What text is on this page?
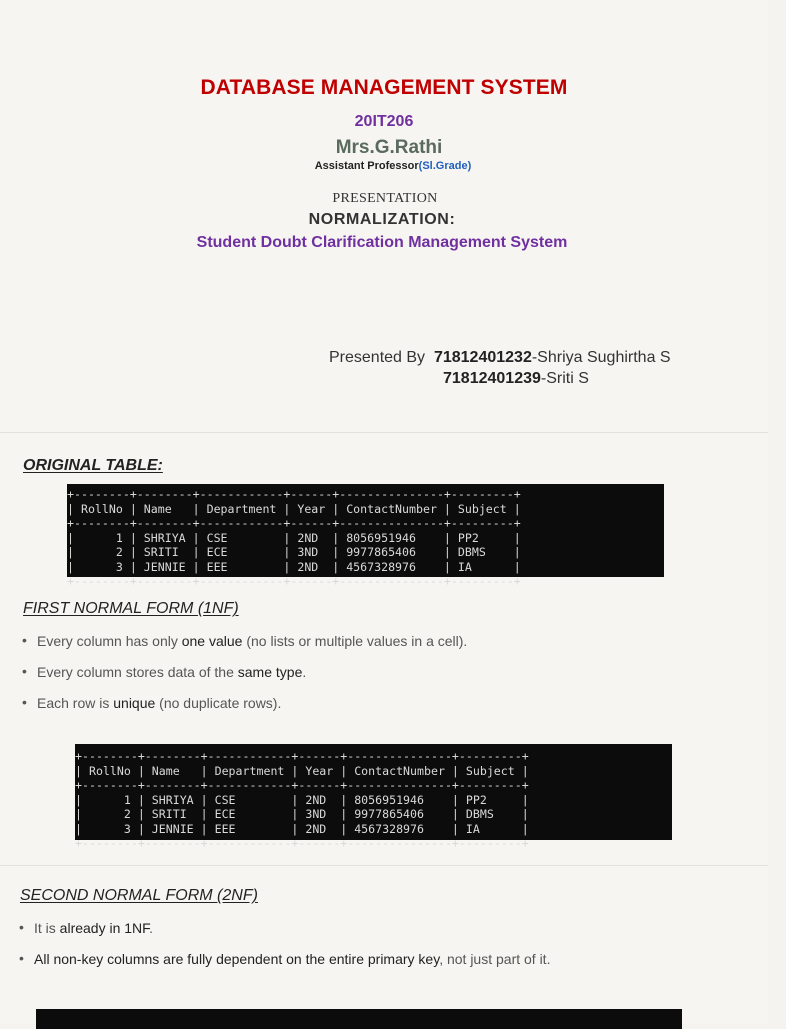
DATABASE MANAGEMENT SYSTEM
20IT206
Mrs.G.Rathi
Assistant Professor(Sl.Grade)
PRESENTATION
NORMALIZATION:
Student Doubt Clarification Management System
Presented By 71812401232-Shriya Sughirtha S
71812401239-Sriti S
ORIGINAL TABLE:
+--------+--------+------------+------+---------------+---------+
| RollNo | Name   | Department | Year | ContactNumber | Subject |
+--------+--------+------------+------+---------------+---------+
|      1 | SHRIYA | CSE        | 2ND  | 8056951946    | PP2     |
|      2 | SRITI  | ECE        | 3ND  | 9977865406    | DBMS    |
|      3 | JENNIE | EEE        | 2ND  | 4567328976    | IA      |
+--------+--------+------------+------+---------------+---------+
FIRST NORMAL FORM (1NF)
• Every column has only one value (no lists or multiple values in a cell).
• Every column stores data of the same type.
• Each row is unique (no duplicate rows).
+--------+--------+------------+------+---------------+---------+
| RollNo | Name   | Department | Year | ContactNumber | Subject |
+--------+--------+------------+------+---------------+---------+
|      1 | SHRIYA | CSE        | 2ND  | 8056951946    | PP2     |
|      2 | SRITI  | ECE        | 3ND  | 9977865406    | DBMS    |
|      3 | JENNIE | EEE        | 2ND  | 4567328976    | IA      |
+--------+--------+------------+------+---------------+---------+
SECOND NORMAL FORM (2NF)
• It is already in 1NF.
• All non-key columns are fully dependent on the entire primary key, not just part of it.
